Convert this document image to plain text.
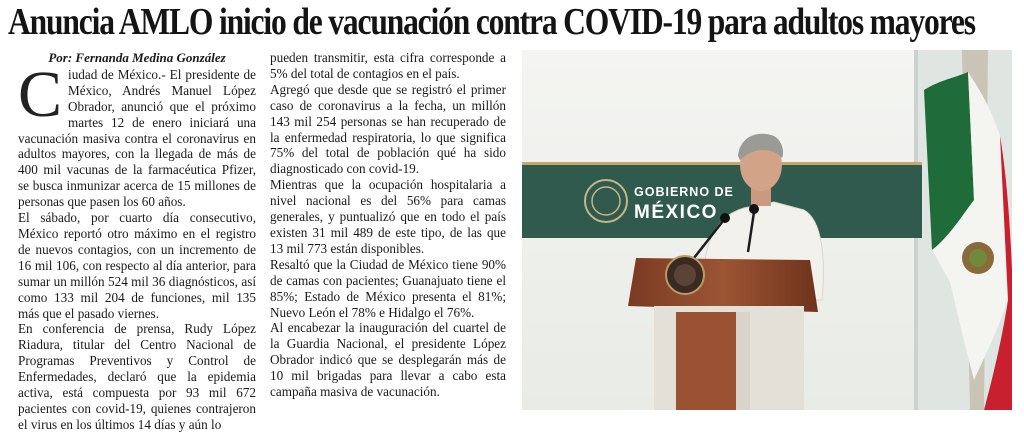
Anuncia AMLO inicio de vacunación contra COVID-19 para adultos mayores
Por: Fernanda Medina González

Ciudad de México.- El presidente de México, Andrés Manuel López Obrador, anunció que el próximo martes 12 de enero iniciará una vacunación masiva contra el coronavirus en adultos mayores, con la llegada de más de 400 mil vacunas de la farmacéutica Pfizer, se busca inmunizar acerca de 15 millones de personas que pasen los 60 años.

El sábado, por cuarto día consecutivo, México reportó otro máximo en el registro de nuevos contagios, con un incremento de 16 mil 106, con respecto al día anterior, para sumar un millón 524 mil 36 diagnósticos, así como 133 mil 204 de funciones, mil 135 más que el pasado viernes.

En conferencia de prensa, Rudy López Riadura, titular del Centro Nacional de Programas Preventivos y Control de Enfermedades, declaró que la epidemia activa, está compuesta por 93 mil 672 pacientes con covid-19, quienes contrajeron el virus en los últimos 14 días y aún lo

pueden transmitir, esta cifra corresponde a 5% del total de contagios en el país.

Agregó que desde que se registró el primer caso de coronavirus a la fecha, un millón 143 mil 254 personas se han recuperado de la enfermedad respiratoria, lo que significa 75% del total de población qué ha sido diagnosticado con covid-19.

Mientras que la ocupación hospitalaria a nivel nacional es del 56% para camas generales, y puntualizó que en todo el país existen 31 mil 489 de este tipo, de las que 13 mil 773 están disponibles.

Resaltó que la Ciudad de México tiene 90% de camas con pacientes; Guanajuato tiene el 85%; Estado de México presenta el 81%; Nuevo León el 78% e Hidalgo el 76%.

Al encabezar la inauguración del cuartel de la Guardia Nacional, el presidente López Obrador indicó que se desplegarán más de 10 mil brigadas para llevar a cabo esta campaña masiva de vacunación.

GOBIERNO DE
MÉXICO
